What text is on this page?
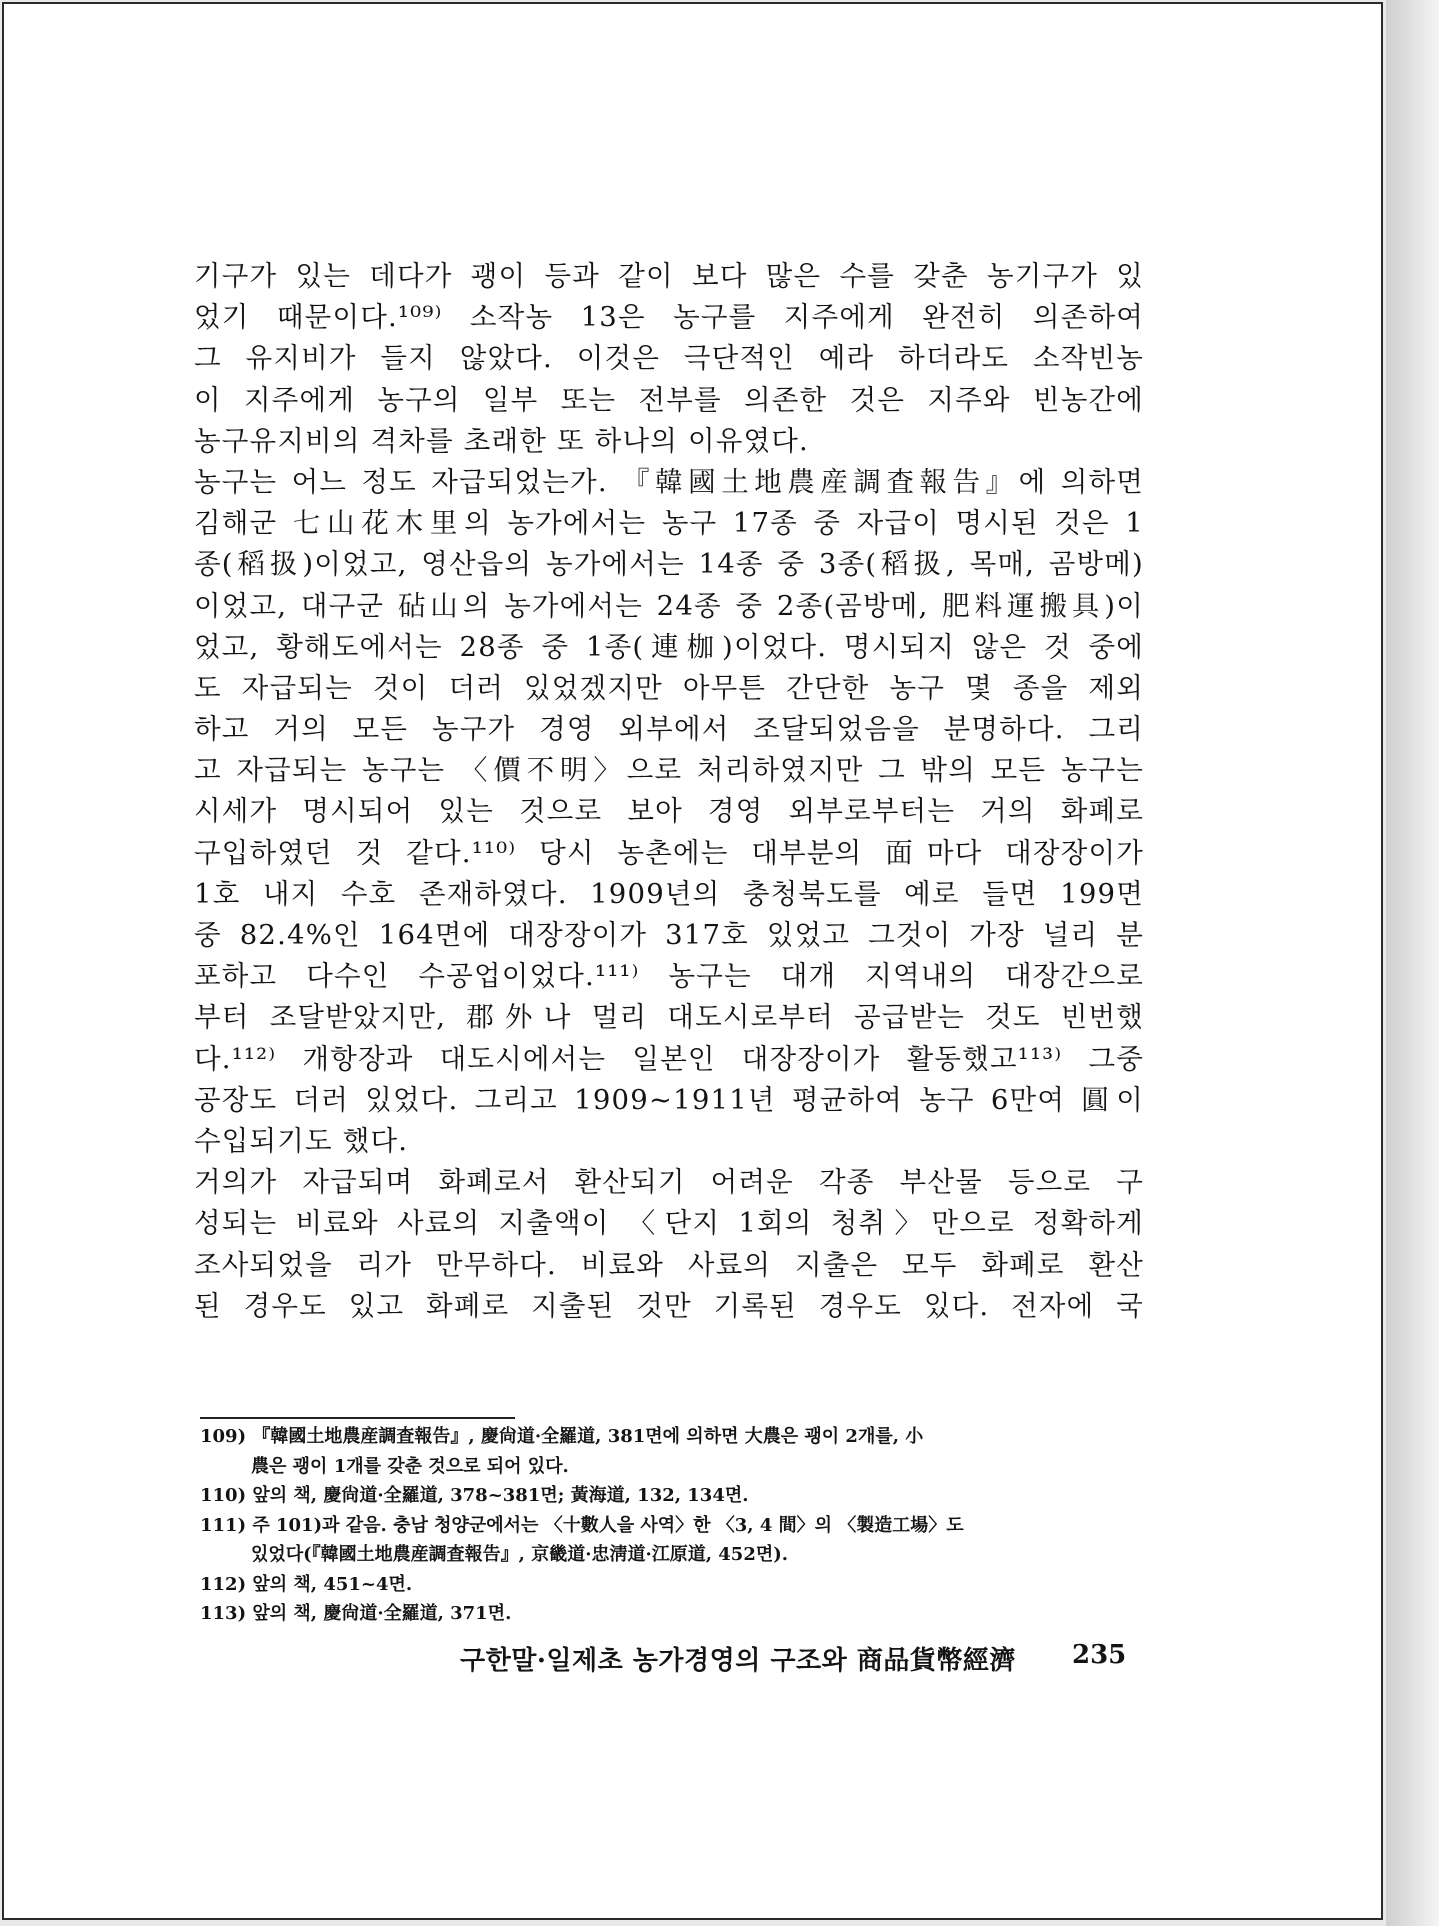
기구가 있는 데다가 괭이 등과 같이 보다 많은 수를 갖춘 농기구가 있
었기 때문이다.¹⁰⁹⁾ 소작농 13은 농구를 지주에게 완전히 의존하여
그 유지비가 들지 않았다. 이것은 극단적인 예라 하더라도 소작빈농
이 지주에게 농구의 일부 또는 전부를 의존한 것은 지주와 빈농간에
농구유지비의 격차를 초래한 또 하나의 이유였다.
농구는 어느 정도 자급되었는가. 『韓國土地農産調査報告』에 의하면
김해군 七山花木里의 농가에서는 농구 17종 중 자급이 명시된 것은 1
종(稻扱)이었고, 영산읍의 농가에서는 14종 중 3종(稻扱, 목매, 곰방메)
이었고, 대구군 砧山의 농가에서는 24종 중 2종(곰방메, 肥料運搬具)이
었고, 황해도에서는 28종 중 1종(連枷)이었다. 명시되지 않은 것 중에
도 자급되는 것이 더러 있었겠지만 아무튼 간단한 농구 몇 종을 제외
하고 거의 모든 농구가 경영 외부에서 조달되었음을 분명하다. 그리
고 자급되는 농구는 〈價不明〉으로 처리하였지만 그 밖의 모든 농구는
시세가 명시되어 있는 것으로 보아 경영 외부로부터는 거의 화폐로
구입하였던 것 같다.¹¹⁰⁾ 당시 농촌에는 대부분의 面마다 대장장이가
1호 내지 수호 존재하였다. 1909년의 충청북도를 예로 들면 199면
중 82.4%인 164면에 대장장이가 317호 있었고 그것이 가장 널리 분
포하고 다수인 수공업이었다.¹¹¹⁾ 농구는 대개 지역내의 대장간으로
부터 조달받았지만, 郡外나 멀리 대도시로부터 공급받는 것도 빈번했
다.¹¹²⁾ 개항장과 대도시에서는 일본인 대장장이가 활동했고¹¹³⁾ 그중
공장도 더러 있었다. 그리고 1909~1911년 평균하여 농구 6만여 圓이
수입되기도 했다.
거의가 자급되며 화폐로서 환산되기 어려운 각종 부산물 등으로 구
성되는 비료와 사료의 지출액이 〈단지 1회의 청취〉만으로 정확하게
조사되었을 리가 만무하다. 비료와 사료의 지출은 모두 화폐로 환산
된 경우도 있고 화폐로 지출된 것만 기록된 경우도 있다. 전자에 국
109) 『韓國土地農産調査報告』, 慶尙道·全羅道, 381면에 의하면 大農은 괭이 2개를, 小
農은 괭이 1개를 갖춘 것으로 되어 있다.
110) 앞의 책, 慶尙道·全羅道, 378~381면; 黃海道, 132, 134면.
111) 주 101)과 같음. 충남 청양군에서는 〈十數人을 사역〉한 〈3, 4 間〉의 〈製造工場〉도
있었다(『韓國土地農産調査報告』, 京畿道·忠淸道·江原道, 452면).
112) 앞의 책, 451~4면.
113) 앞의 책, 慶尙道·全羅道, 371면.
구한말·일제초 농가경영의 구조와 商品貨幣經濟 235
